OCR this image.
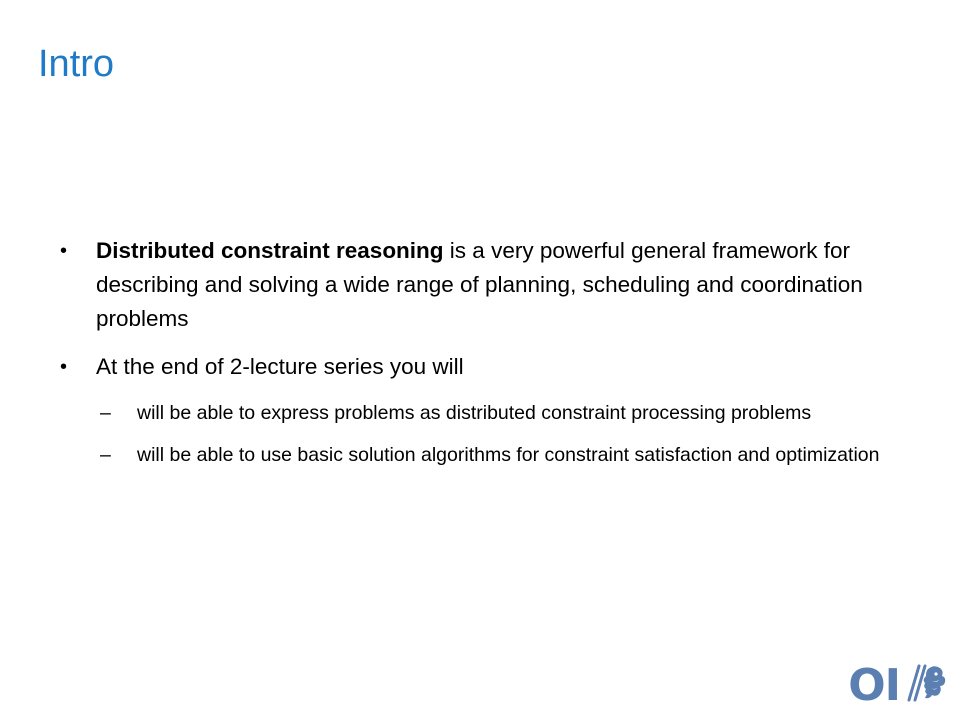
Intro
• Distributed constraint reasoning is a very powerful general framework for describing and solving a wide range of planning, scheduling and coordination problems
• At the end of 2-lecture series you will
– will be able to express problems as distributed constraint processing problems
– will be able to use basic solution algorithms for constraint satisfaction and optimization
OI
